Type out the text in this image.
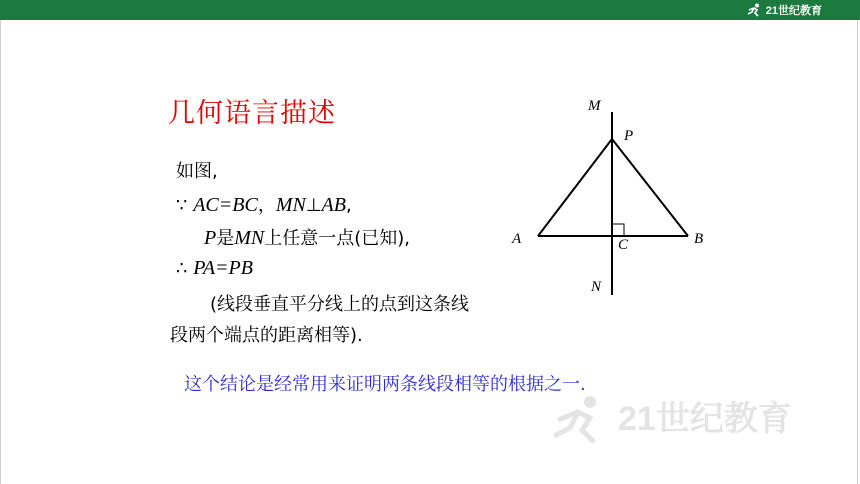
21世纪教育
几何语言描述
如图,
∵ AC=BC，MN⊥AB,
P是MN上任意一点(已知),
∴ PA=PB
(线段垂直平分线上的点到这条线
段两个端点的距离相等).
这个结论是经常用来证明两条线段相等的根据之一.
M
P
A	B
C
N
21世纪教育
